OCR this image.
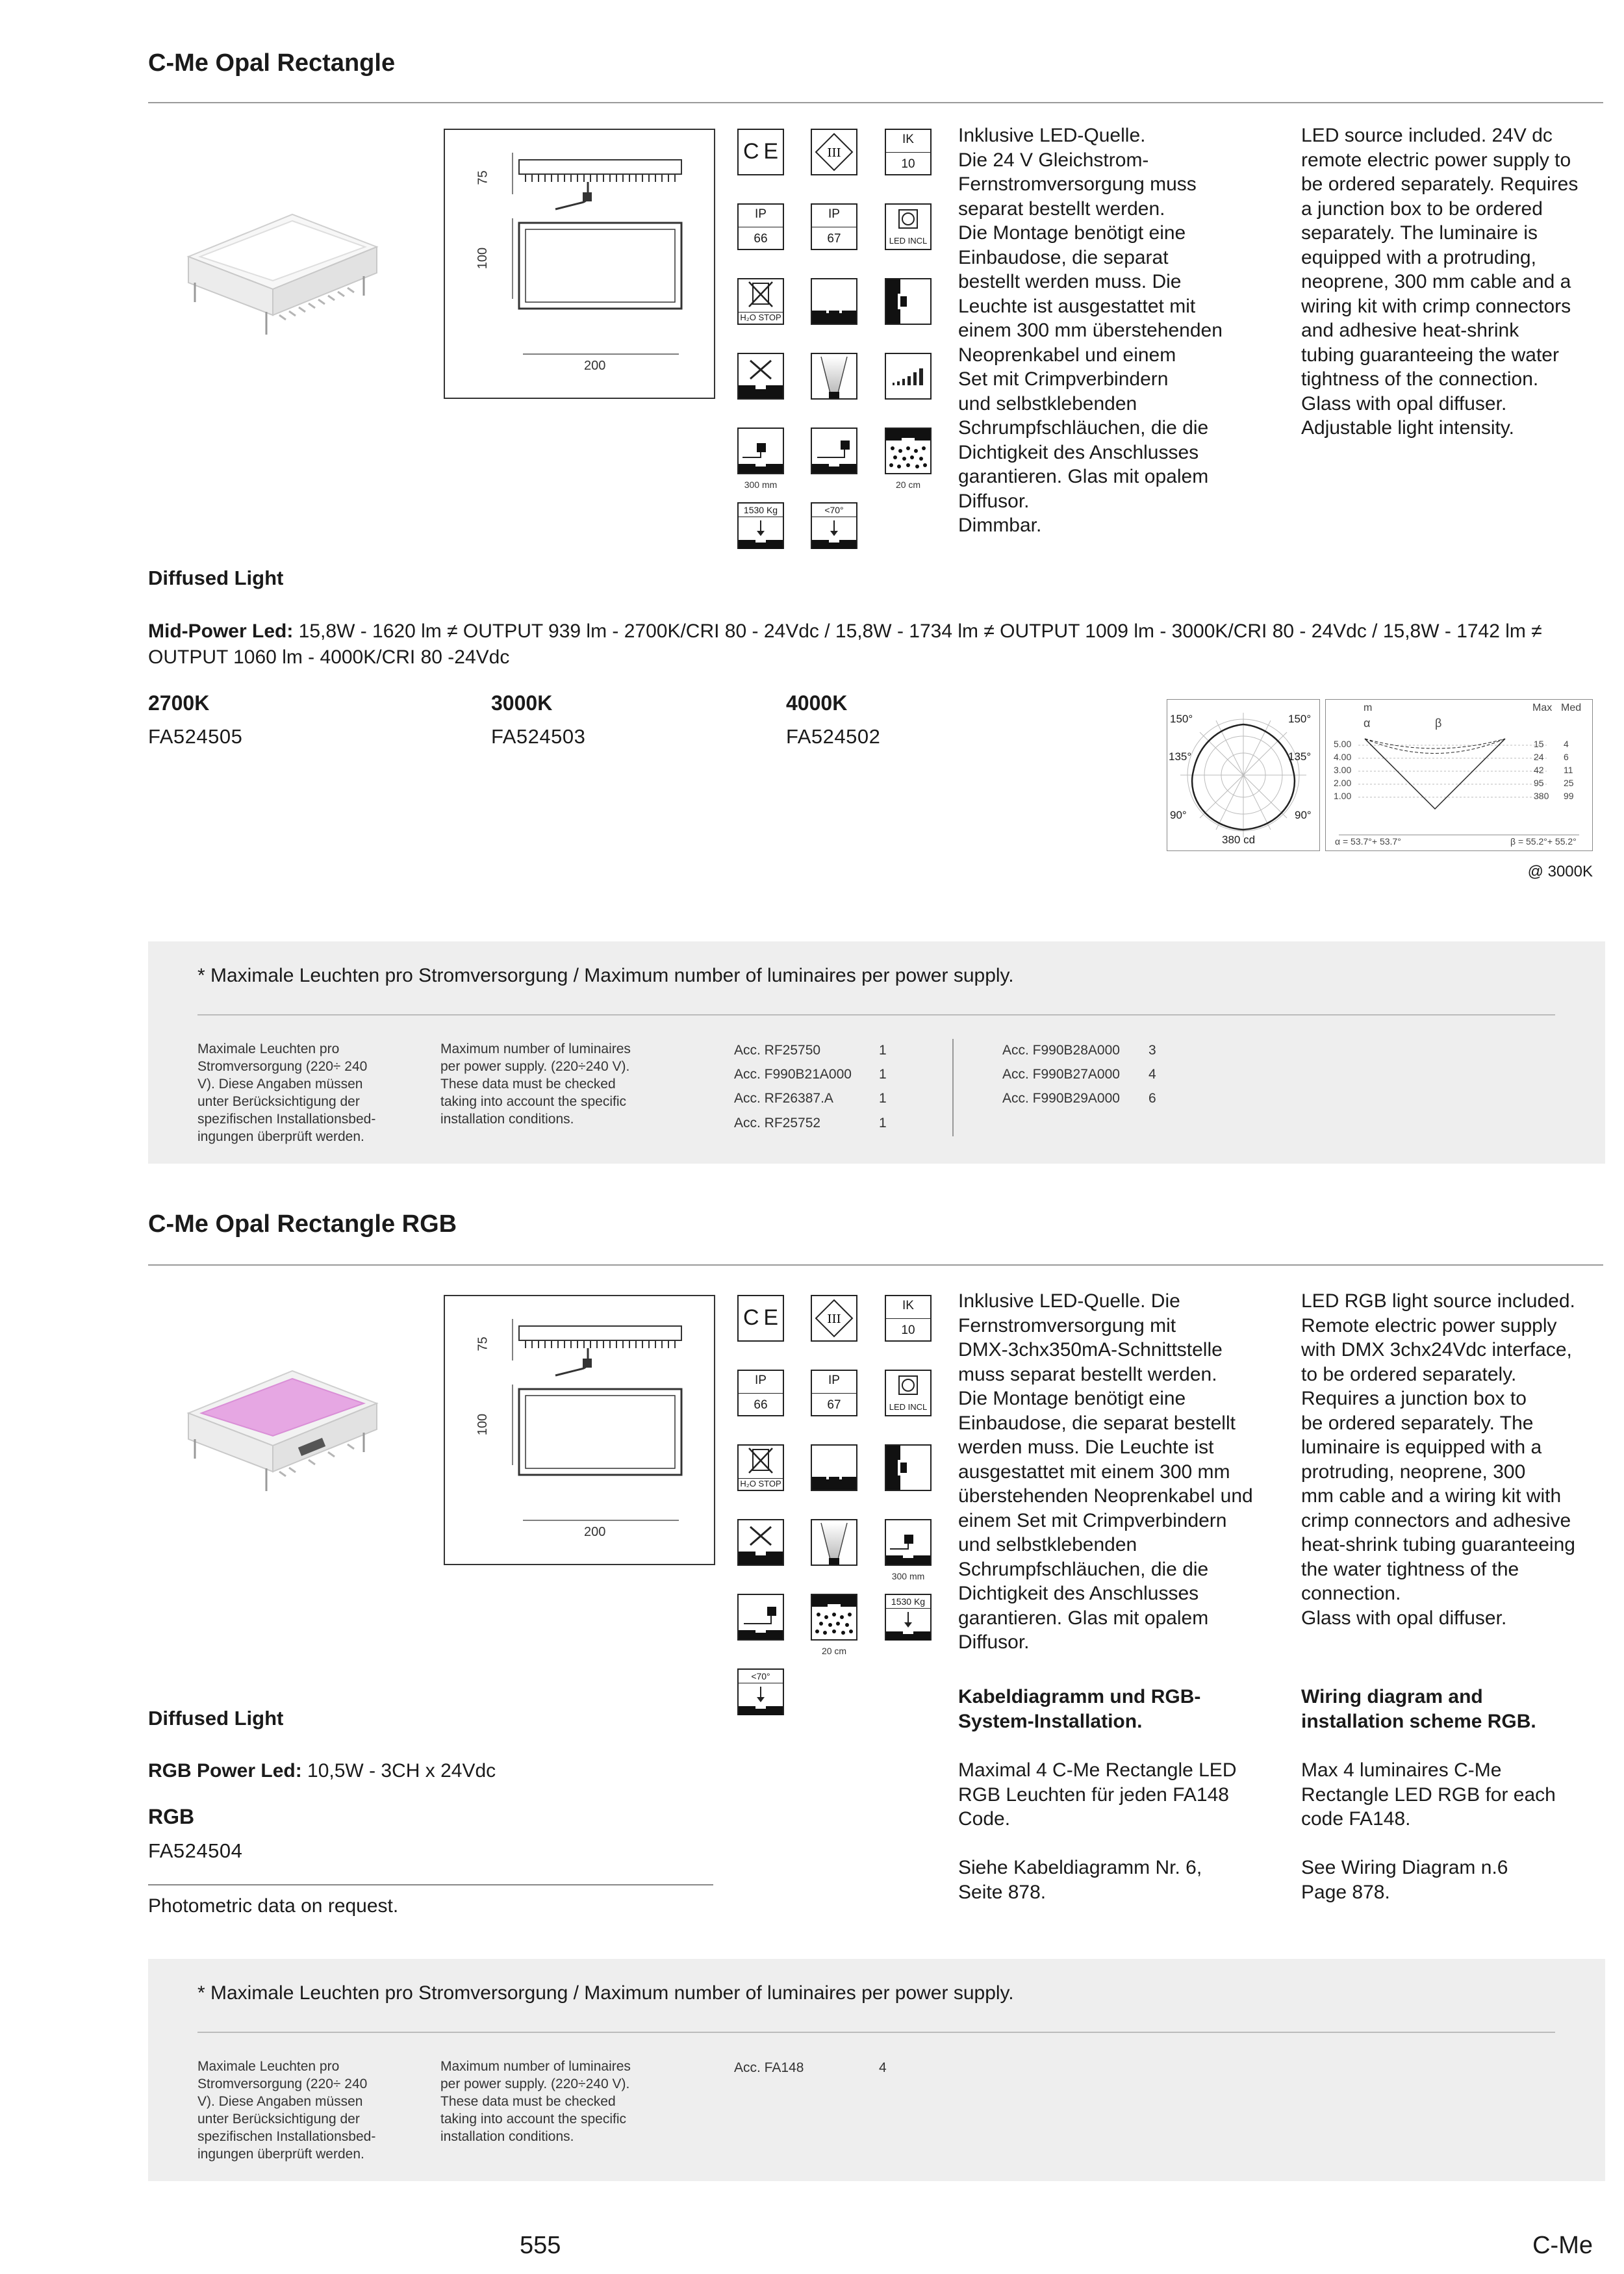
C-Me Opal Rectangle
75
100
200
C E	III
IK
10
IP
66
IP
67	LED INCL
H₂O STOP
300 mm	20 cm
1530 Kg	<70°
Inklusive LED-Quelle.
Die 24 V Gleichstrom-
Fernstromversorgung muss
separat bestellt werden.
Die Montage benötigt eine
Einbaudose, die separat
bestellt werden muss. Die
Leuchte ist ausgestattet mit
einem 300 mm überstehenden
Neoprenkabel und einem
Set mit Crimpverbindern
und selbstklebenden
Schrumpfschläuchen, die die
Dichtigkeit des Anschlusses
garantieren. Glas mit opalem
Diffusor.
Dimmbar.
LED source included. 24V dc
remote electric power supply to
be ordered separately. Requires
a junction box to be ordered
separately. The luminaire is
equipped with a protruding,
neoprene, 300 mm cable and a
wiring kit with crimp connectors
and adhesive heat-shrink
tubing guaranteeing the water
tightness of the connection.
Glass with opal diffuser.
Adjustable light intensity.
Diffused Light
Mid-Power Led: 15,8W - 1620 lm ≠ OUTPUT 939 lm - 2700K/CRI 80 - 24Vdc / 15,8W - 1734 lm ≠ OUTPUT 1009 lm - 3000K/CRI 80 - 24Vdc / 15,8W - 1742 lm ≠ OUTPUT 1060 lm - 4000K/CRI 80 -24Vdc
2700K
FA524505
3000K
FA524503
4000K
FA524502
150°	150°
135°	135°
90°	90°
380 cd
m
α	β
Max Med
5.00	15 4
4.00	24 6
3.00	42 11
2.00	95 25
1.00	380 99
α = 53.7°+ 53.7°	β = 55.2°+ 55.2°
@ 3000K
* Maximale Leuchten pro Stromversorgung / Maximum number of luminaires per power supply.
Maximale Leuchten pro
Stromversorgung (220÷ 240
V). Diese Angaben müssen
unter Berücksichtigung der
spezifischen Installationsbed-
ingungen überprüft werden.
Maximum number of luminaires
per power supply. (220÷240 V).
These data must be checked
taking into account the specific
installation conditions.
Acc. RF25750	1
Acc. F990B21A000 1
Acc. RF26387.A	1
Acc. RF25752	1
Acc. F990B28A000 3
Acc. F990B27A000 4
Acc. F990B29A000 6
C-Me Opal Rectangle RGB
75
100
200
C E	III
IK
10
IP
66
IP
67	LED INCL
H₂O STOP
300 mm
20 cm
1530 Kg
<70°
Inklusive LED-Quelle. Die
Fernstromversorgung mit
DMX-3chx350mA-Schnittstelle
muss separat bestellt werden.
Die Montage benötigt eine
Einbaudose, die separat bestellt
werden muss. Die Leuchte ist
ausgestattet mit einem 300 mm
überstehenden Neoprenkabel und
einem Set mit Crimpverbindern
und selbstklebenden
Schrumpfschläuchen, die die
Dichtigkeit des Anschlusses
garantieren. Glas mit opalem
Diffusor.
LED RGB light source included.
Remote electric power supply
with DMX 3chx24Vdc interface,
to be ordered separately.
Requires a junction box to
be ordered separately. The
luminaire is equipped with a
protruding, neoprene, 300
mm cable and a wiring kit with
crimp connectors and adhesive
heat-shrink tubing guaranteeing
the water tightness of the
connection.
Glass with opal diffuser.
Kabeldiagramm und RGB-
System-Installation.
Wiring diagram and
installation scheme RGB.
Maximal 4 C-Me Rectangle LED
RGB Leuchten für jeden FA148
Code.

Siehe Kabeldiagramm Nr. 6,
Seite 878.
Max 4 luminaires C-Me
Rectangle LED RGB for each
code FA148.

See Wiring Diagram n.6
Page 878.
Diffused Light
RGB Power Led: 10,5W - 3CH x 24Vdc
RGB
FA524504
Photometric data on request.
* Maximale Leuchten pro Stromversorgung / Maximum number of luminaires per power supply.
Maximale Leuchten pro
Stromversorgung (220÷ 240
V). Diese Angaben müssen
unter Berücksichtigung der
spezifischen Installationsbed-
ingungen überprüft werden.
Maximum number of luminaires
per power supply. (220÷240 V).
These data must be checked
taking into account the specific
installation conditions.
Acc. FA148	4
555	C-Me
